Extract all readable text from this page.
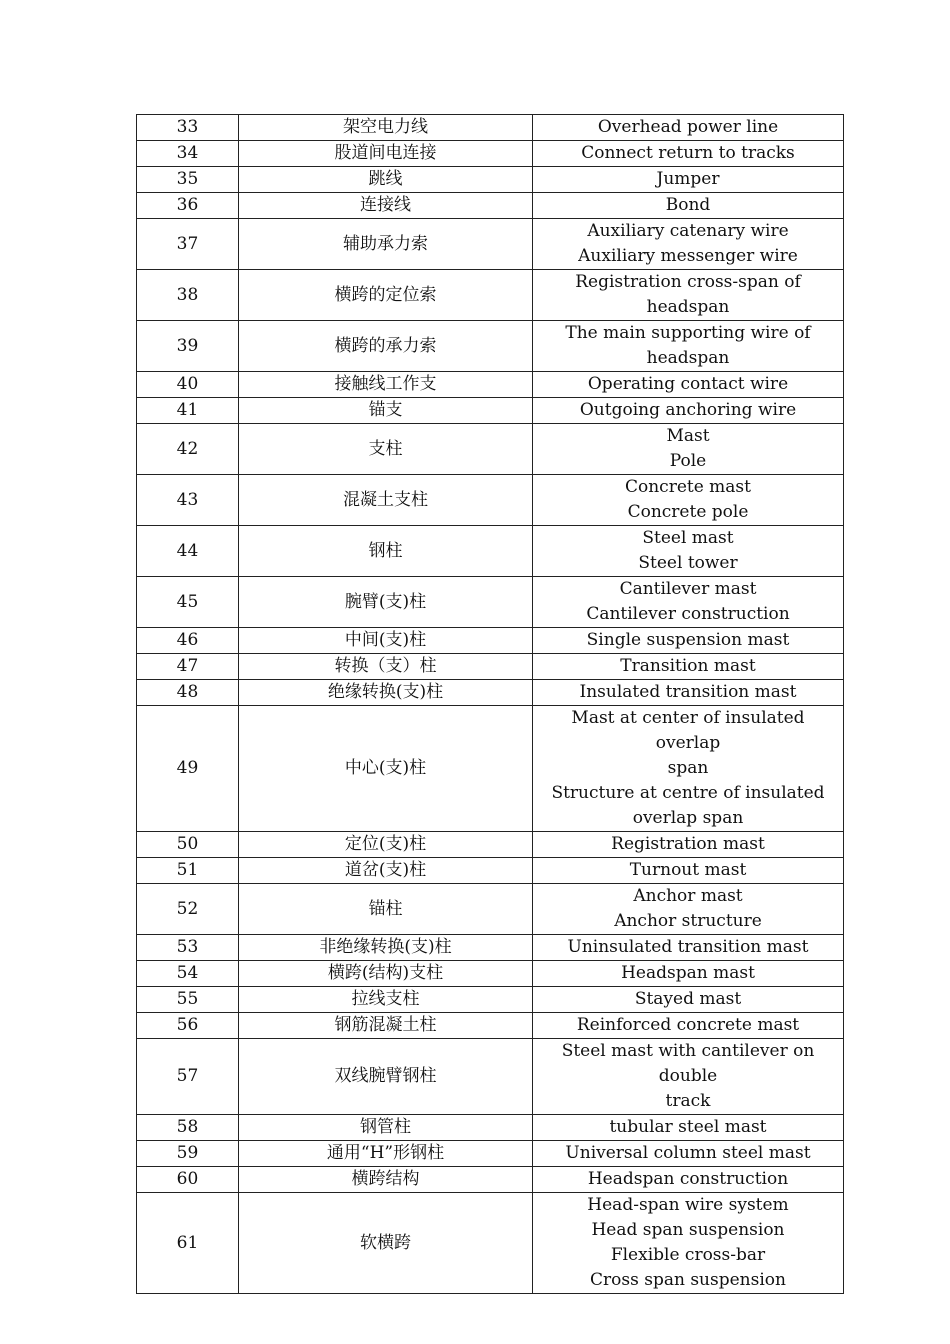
33	架空电力线	Overhead power line

34	股道间电连接	Connect return to tracks

35	跳线	Jumper

36	连接线	Bond

37	辅助承力索	Auxiliary catenary wire
Auxiliary messenger wire

38	横跨的定位索	Registration cross-span of headspan

39	横跨的承力索	The main supporting wire of
headspan

40	接触线工作支	Operating contact wire

41	锚支	Outgoing anchoring wire

42	支柱	Mast
Pole

43	混凝土支柱	Concrete mast
Concrete pole

44	钢柱	Steel mast
Steel tower

45	腕臂(支)柱	Cantilever mast
Cantilever construction

46	中间(支)柱	Single suspension mast

47	转换（支）柱	Transition mast

48	绝缘转换(支)柱	Insulated transition mast

49	中心(支)柱	Mast at center of insulated overlap
span
Structure at centre of insulated
overlap span

50	定位(支)柱	Registration mast

51	道岔(支)柱	Turnout mast

52	锚柱	Anchor mast
Anchor structure

53	非绝缘转换(支)柱	Uninsulated transition mast

54	横跨(结构)支柱	Headspan mast

55	拉线支柱	Stayed mast

56	钢筋混凝土柱	Reinforced concrete mast

57	双线腕臂钢柱	Steel mast with cantilever on double
track

58	钢管柱	tubular steel mast

59	通用“H”形钢柱	Universal column steel mast

60	横跨结构	Headspan construction

61	软横跨	Head-span wire system
Head span suspension
Flexible cross-bar
Cross span suspension
